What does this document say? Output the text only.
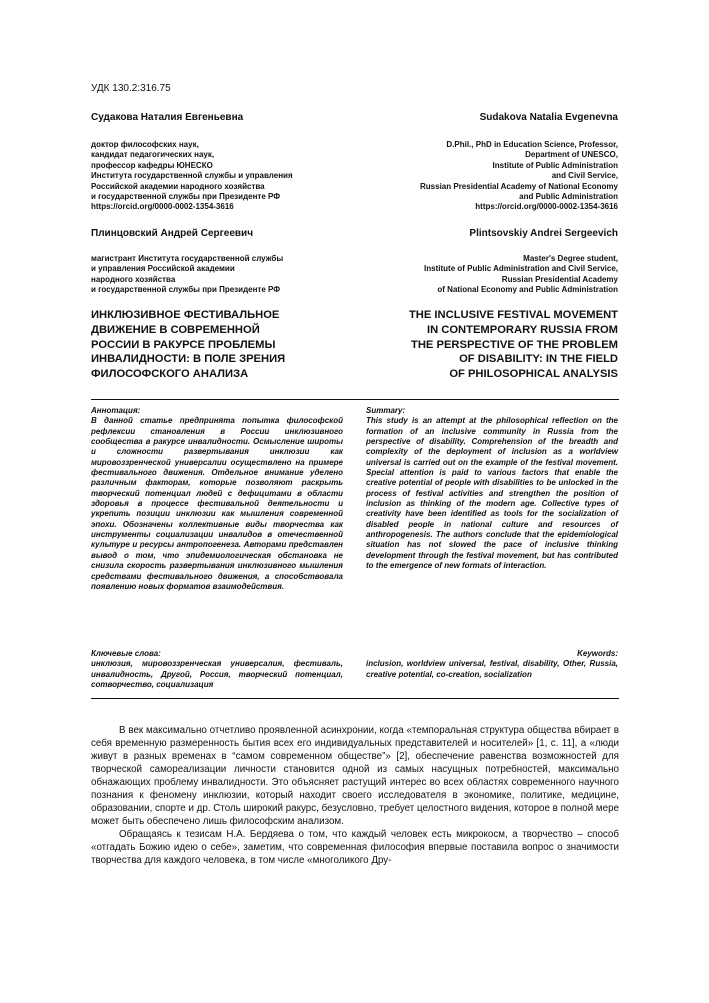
УДК 130.2:316.75
Судакова Наталия Евгеньевна	Sudakova Natalia Evgenevna
доктор философских наук,
кандидат педагогических наук,
профессор кафедры ЮНЕСКО
Института государственной службы и управления
Российской академии народного хозяйства
и государственной службы при Президенте РФ
https://orcid.org/0000-0002-1354-3616
D.Phil., PhD in Education Science, Professor,
Department of UNESCO,
Institute of Public Administration
and Civil Service,
Russian Presidential Academy of National Economy
and Public Administration
https://orcid.org/0000-0002-1354-3616
Плинцовский Андрей Сергеевич	Plintsovskiy Andrei Sergeevich
магистрант Института государственной службы
и управления Российской академии
народного хозяйства
и государственной службы при Президенте РФ
Master's Degree student,
Institute of Public Administration and Civil Service,
Russian Presidential Academy
of National Economy and Public Administration
ИНКЛЮЗИВНОЕ ФЕСТИВАЛЬНОЕ
ДВИЖЕНИЕ В СОВРЕМЕННОЙ
РОССИИ В РАКУРСЕ ПРОБЛЕМЫ
ИНВАЛИДНОСТИ: В ПОЛЕ ЗРЕНИЯ
ФИЛОСОФСКОГО АНАЛИЗА
THE INCLUSIVE FESTIVAL MOVEMENT
IN CONTEMPORARY RUSSIA FROM
THE PERSPECTIVE OF THE PROBLEM
OF DISABILITY: IN THE FIELD
OF PHILOSOPHICAL ANALYSIS
Аннотация:
В данной статье предпринята попытка философской рефлексии становления в России инклюзивного сообщества в ракурсе инвалидности. Осмысление широты и сложности развертывания инклюзии как мировоззренческой универсалии осуществлено на примере фестивального движения. Отдельное внимание уделено различным факторам, которые позволяют раскрыть творческий потенциал людей с дефицитами в области здоровья в процессе фестивальной деятельности и укрепить позиции инклюзии как мышления современной эпохи. Обозначены коллективные виды творчества как инструменты социализации инвалидов в отечественной культуре и ресурсы антропогенеза. Авторами представлен вывод о том, что эпидемиологическая обстановка не снизила скорость развертывания инклюзивного мышления средствами фестивального движения, а способствовала появлению новых форматов взаимодействия.
Summary:
This study is an attempt at the philosophical reflection on the formation of an inclusive community in Russia from the perspective of disability. Comprehension of the breadth and complexity of the deployment of inclusion as a worldview universal is carried out on the example of the festival movement. Special attention is paid to various factors that enable the creative potential of people with disabilities to be unlocked in the process of festival activities and strengthen the position of inclusion as thinking of the modern age. Collective types of creativity have been identified as tools for the socialization of disabled people in national culture and resources of anthropogenesis. The authors conclude that the epidemiological situation has not slowed the pace of inclusive thinking development through the festival movement, but has contributed to the emergence of new formats of interaction.
Ключевые слова:
инклюзия, мировоззренческая универсалия, фестиваль, инвалидность, Другой, Россия, творческий потенциал, сотворчество, социализация
Keywords:
inclusion, worldview universal, festival, disability, Other, Russia, creative potential, co-creation, socialization

В век максимально отчетливо проявленной асинхронии, когда «темпоральная структура общества вбирает в себя временную размеренность бытия всех его индивидуальных представителей и носителей» [1, с. 11], а «люди живут в разных временах в “самом современном обществе”» [2], обеспечение равенства возможностей для творческой самореализации личности становится одной из самых насущных потребностей, максимально обнажающих проблему инвалидности. Это объясняет растущий интерес во всех областях современного научного познания к феномену инклюзии, который находит своего исследователя в экономике, политике, медицине, образовании, спорте и др. Столь широкий ракурс, безусловно, требует целостного видения, которое в полной мере может быть обеспечено лишь философским анализом.

Обращаясь к тезисам Н.А. Бердяева о том, что каждый человек есть микрокосм, а творчество – способ «отгадать Божию идею о себе», заметим, что современная философия впервые поставила вопрос о значимости творчества для каждого человека, в том числе «многоликого Дру-
